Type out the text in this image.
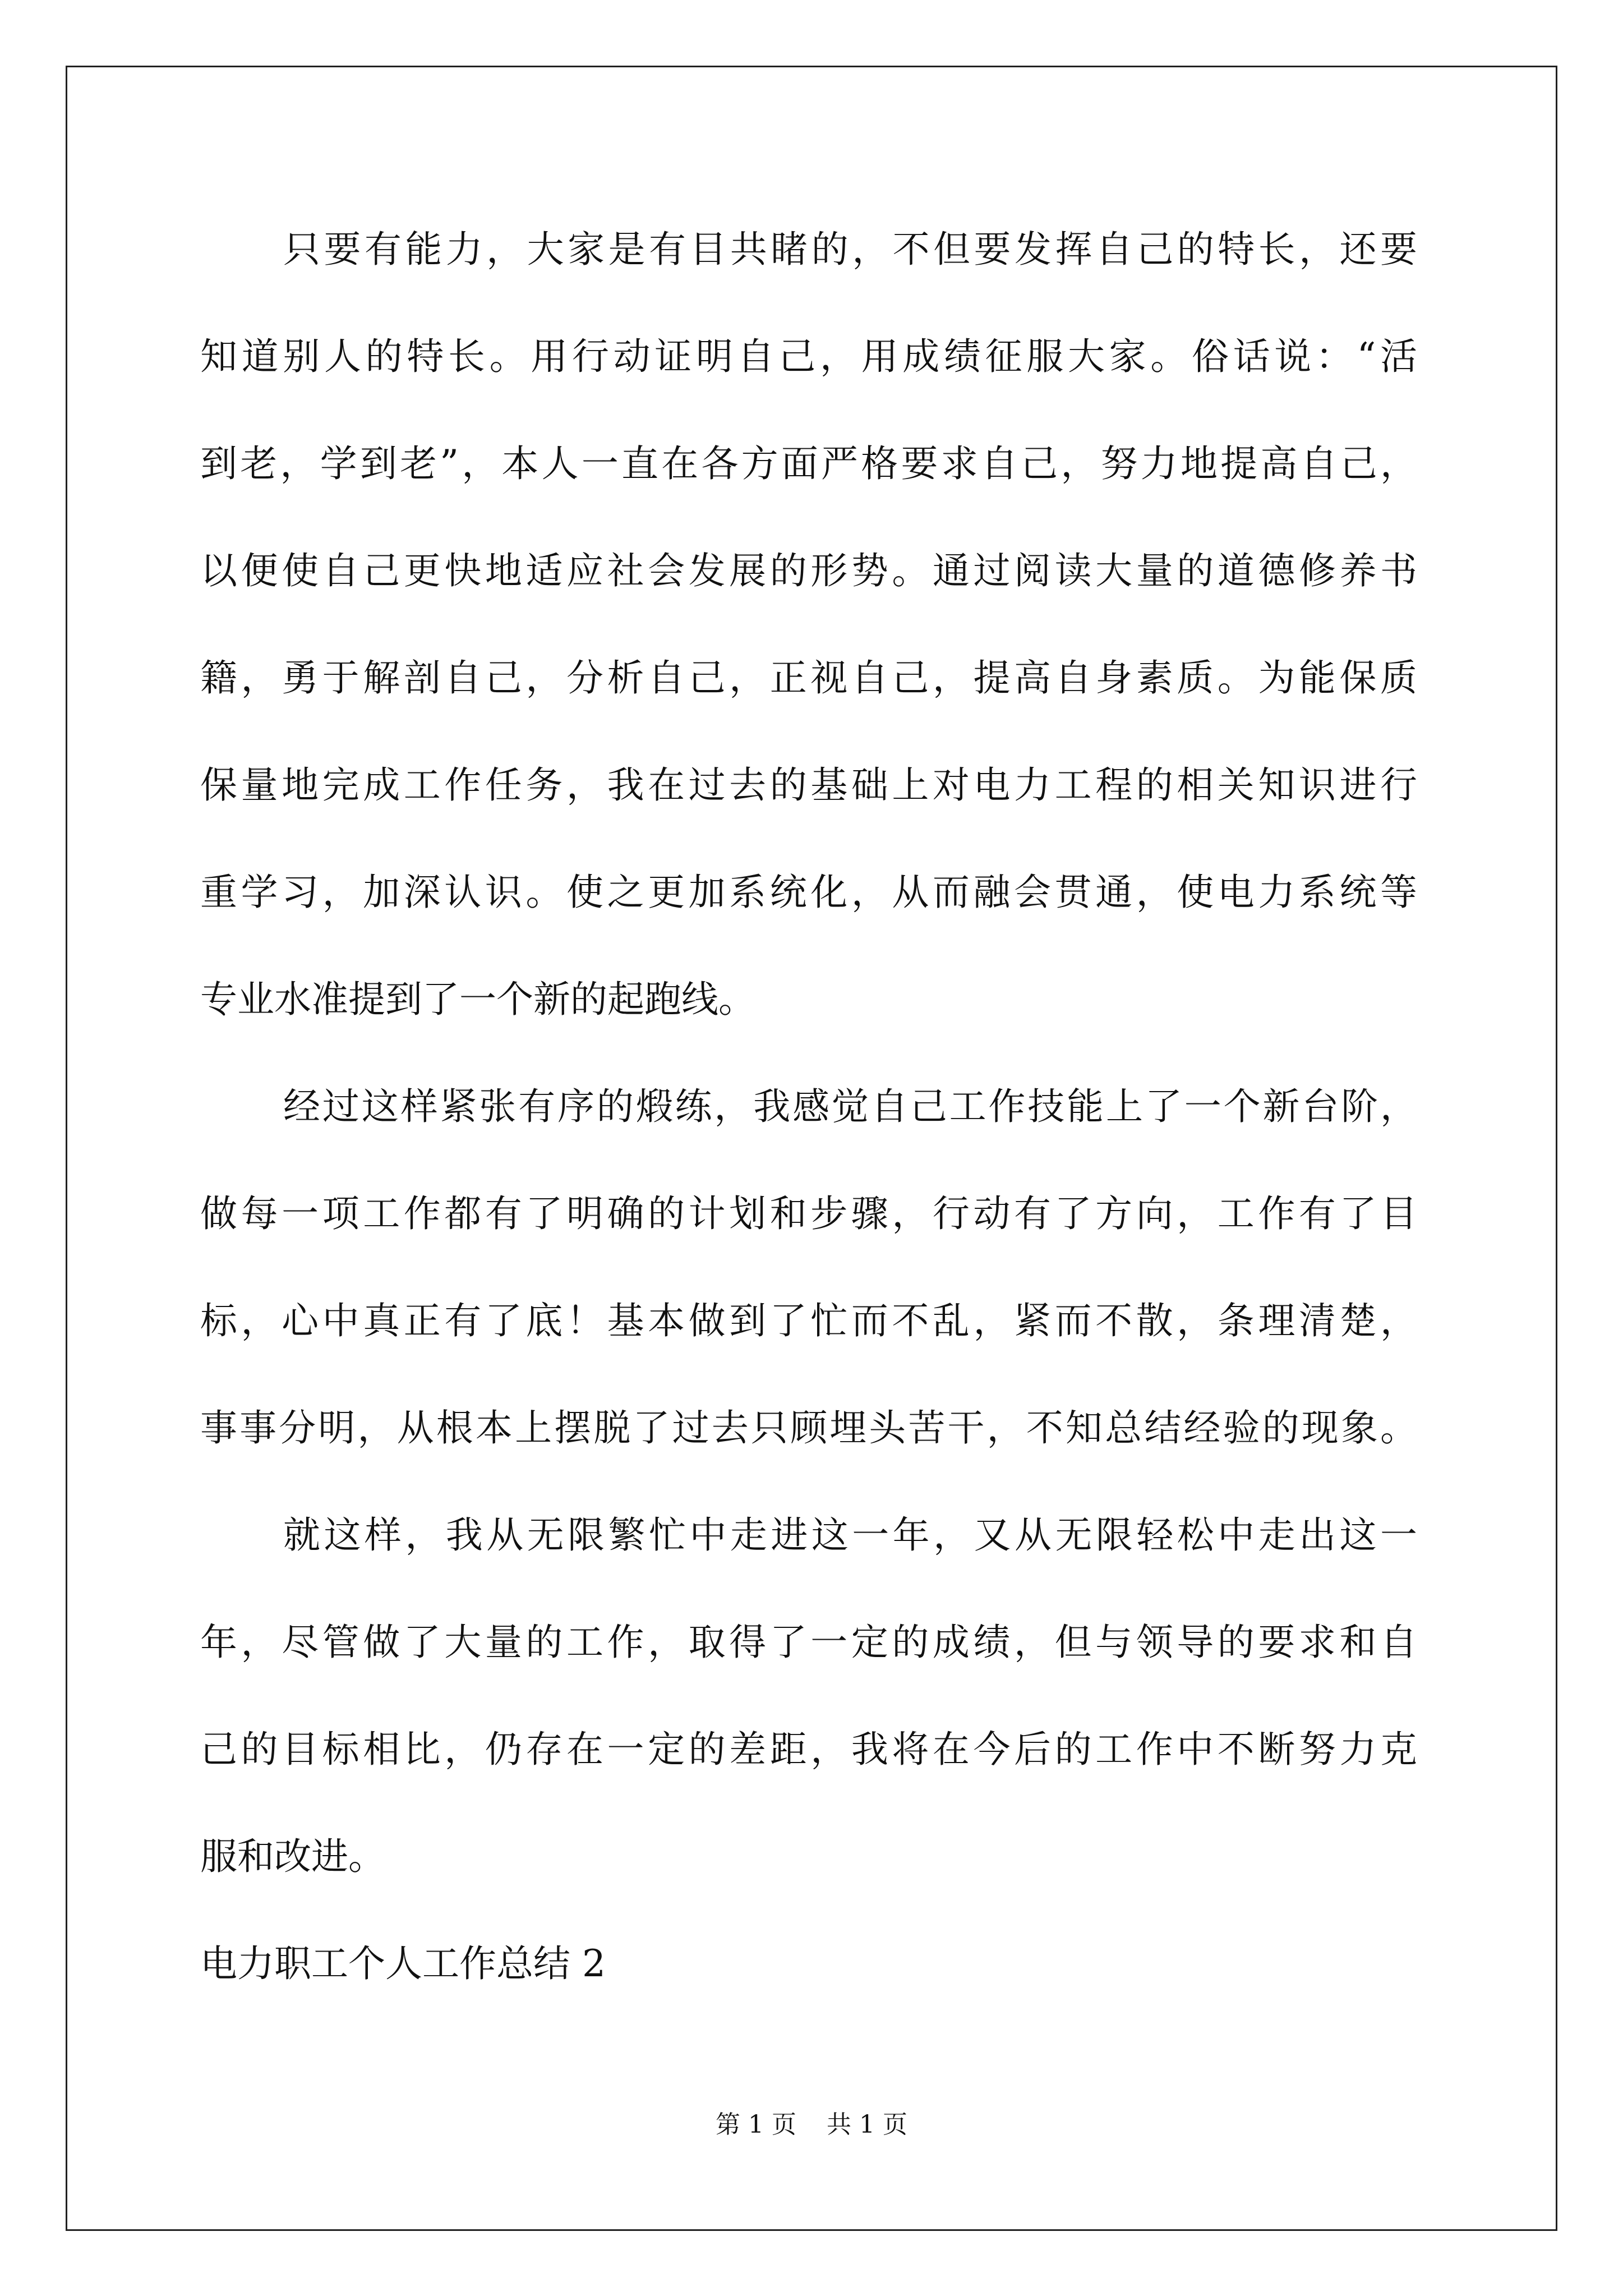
只要有能力，大家是有目共睹的，不但要发挥自己的特长，还要
知道别人的特长。用行动证明自己，用成绩征服大家。俗话说：“活
到老，学到老”，本人一直在各方面严格要求自己，努力地提高自己，
以便使自己更快地适应社会发展的形势。通过阅读大量的道德修养书
籍，勇于解剖自己，分析自己，正视自己，提高自身素质。为能保质
保量地完成工作任务，我在过去的基础上对电力工程的相关知识进行
重学习，加深认识。使之更加系统化，从而融会贯通，使电力系统等
专业水准提到了一个新的起跑线。
经过这样紧张有序的煅练，我感觉自己工作技能上了一个新台阶，
做每一项工作都有了明确的计划和步骤，行动有了方向，工作有了目
标，心中真正有了底！基本做到了忙而不乱，紧而不散，条理清楚，
事事分明，从根本上摆脱了过去只顾埋头苦干，不知总结经验的现象。
就这样，我从无限繁忙中走进这一年，又从无限轻松中走出这一
年，尽管做了大量的工作，取得了一定的成绩，但与领导的要求和自
己的目标相比，仍存在一定的差距，我将在今后的工作中不断努力克
服和改进。
电力职工个人工作总结 2
第 1 页 共 1 页
